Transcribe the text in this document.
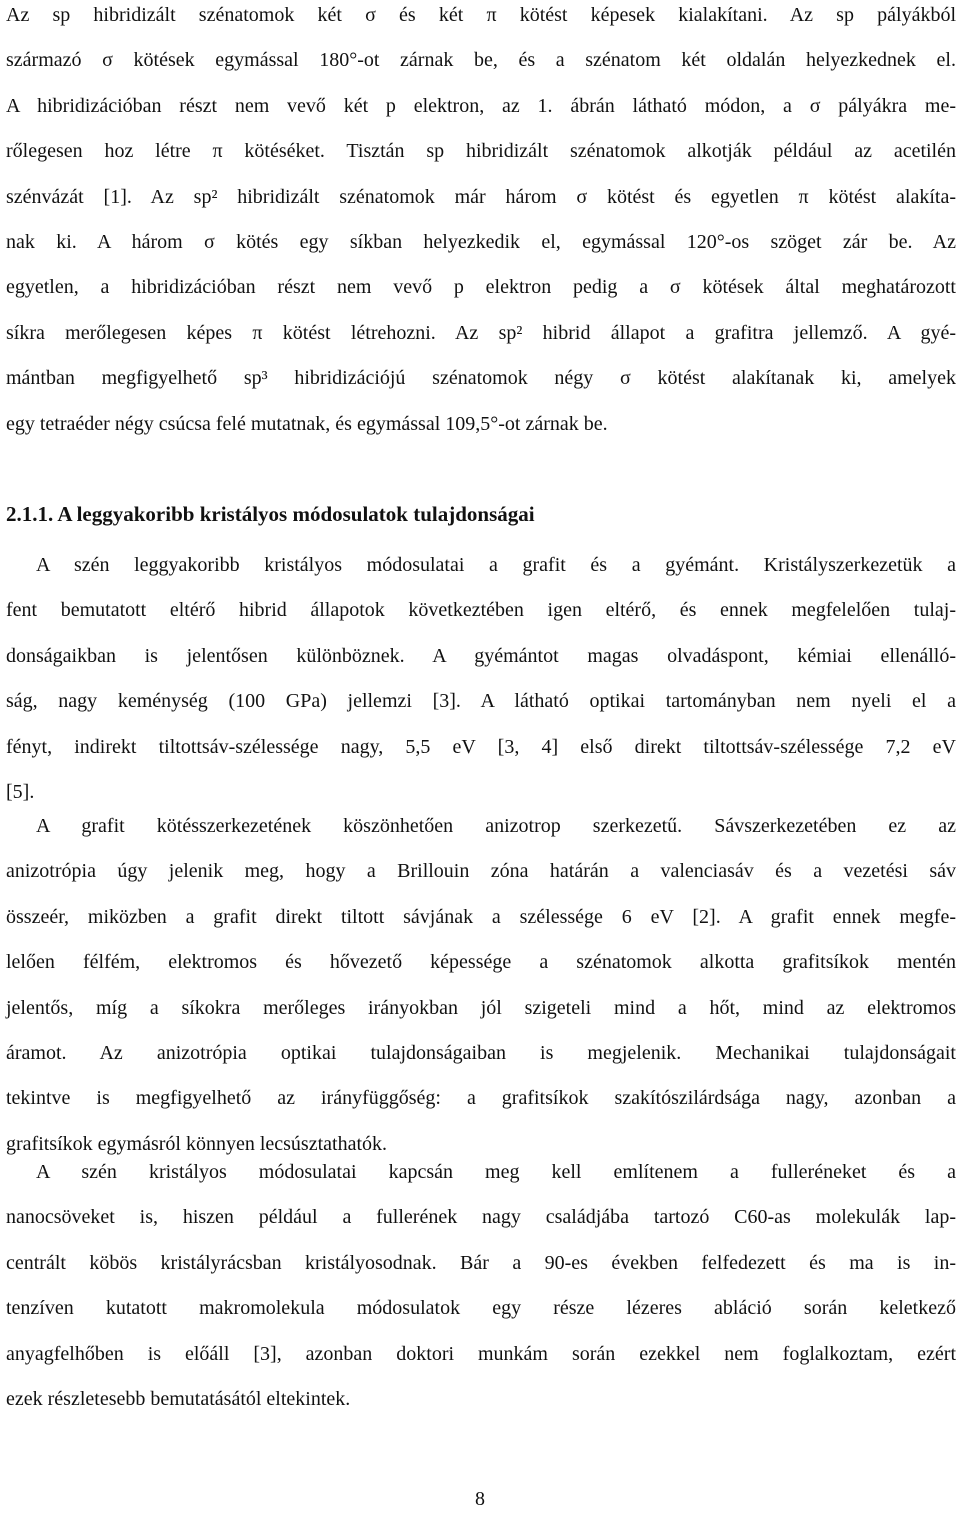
Az sp hibridizált szénatomok két σ és két π kötést képesek kialakítani. Az sp pályákból
származó σ kötések egymással 180°-ot zárnak be, és a szénatom két oldalán helyezkednek el.
A hibridizációban részt nem vevő két p elektron, az 1. ábrán látható módon, a σ pályákra me-
rőlegesen hoz létre π kötéséket. Tisztán sp hibridizált szénatomok alkotják például az acetilén
szénvázát [1]. Az sp² hibridizált szénatomok már három σ kötést és egyetlen π kötést alakíta-
nak ki. A három σ kötés egy síkban helyezkedik el, egymással 120°-os szöget zár be. Az
egyetlen, a hibridizációban részt nem vevő p elektron pedig a σ kötések által meghatározott
síkra merőlegesen képes π kötést létrehozni. Az sp² hibrid állapot a grafitra jellemző. A gyé-
mántban megfigyelhető sp³ hibridizációjú szénatomok négy σ kötést alakítanak ki, amelyek
egy tetraéder négy csúcsa felé mutatnak, és egymással 109,5°-ot zárnak be.
2.1.1. A leggyakoribb kristályos módosulatok tulajdonságai
A szén leggyakoribb kristályos módosulatai a grafit és a gyémánt. Kristályszerkezetük a
fent bemutatott eltérő hibrid állapotok következtében igen eltérő, és ennek megfelelően tulaj-
donságaikban is jelentősen különböznek. A gyémántot magas olvadáspont, kémiai ellenálló-
ság, nagy keménység (100 GPa) jellemzi [3]. A látható optikai tartományban nem nyeli el a
fényt, indirekt tiltottsáv-szélessége nagy, 5,5 eV [3, 4] első direkt tiltottsáv-szélessége 7,2 eV
[5].
A grafit kötésszerkezetének köszönhetően anizotrop szerkezetű. Sávszerkezetében ez az
anizotrópia úgy jelenik meg, hogy a Brillouin zóna határán a valenciasáv és a vezetési sáv
összeér, miközben a grafit direkt tiltott sávjának a szélessége 6 eV [2]. A grafit ennek megfe-
lelően félfém, elektromos és hővezető képessége a szénatomok alkotta grafitsíkok mentén
jelentős, míg a síkokra merőleges irányokban jól szigeteli mind a hőt, mind az elektromos
áramot. Az anizotrópia optikai tulajdonságaiban is megjelenik. Mechanikai tulajdonságait
tekintve is megfigyelhető az irányfüggőség: a grafitsíkok szakítószilárdsága nagy, azonban a
grafitsíkok egymásról könnyen lecsúsztathatók.
A szén kristályos módosulatai kapcsán meg kell említenem a fulleréneket és a
nanocsöveket is, hiszen például a fullerének nagy családjába tartozó C60-as molekulák lap-
centrált köbös kristályrácsban kristályosodnak. Bár a 90-es években felfedezett és ma is in-
tenzíven kutatott makromolekula módosulatok egy része lézeres abláció során keletkező
anyagfelhőben is előáll [3], azonban doktori munkám során ezekkel nem foglalkoztam, ezért
ezek részletesebb bemutatásától eltekintek.
8
